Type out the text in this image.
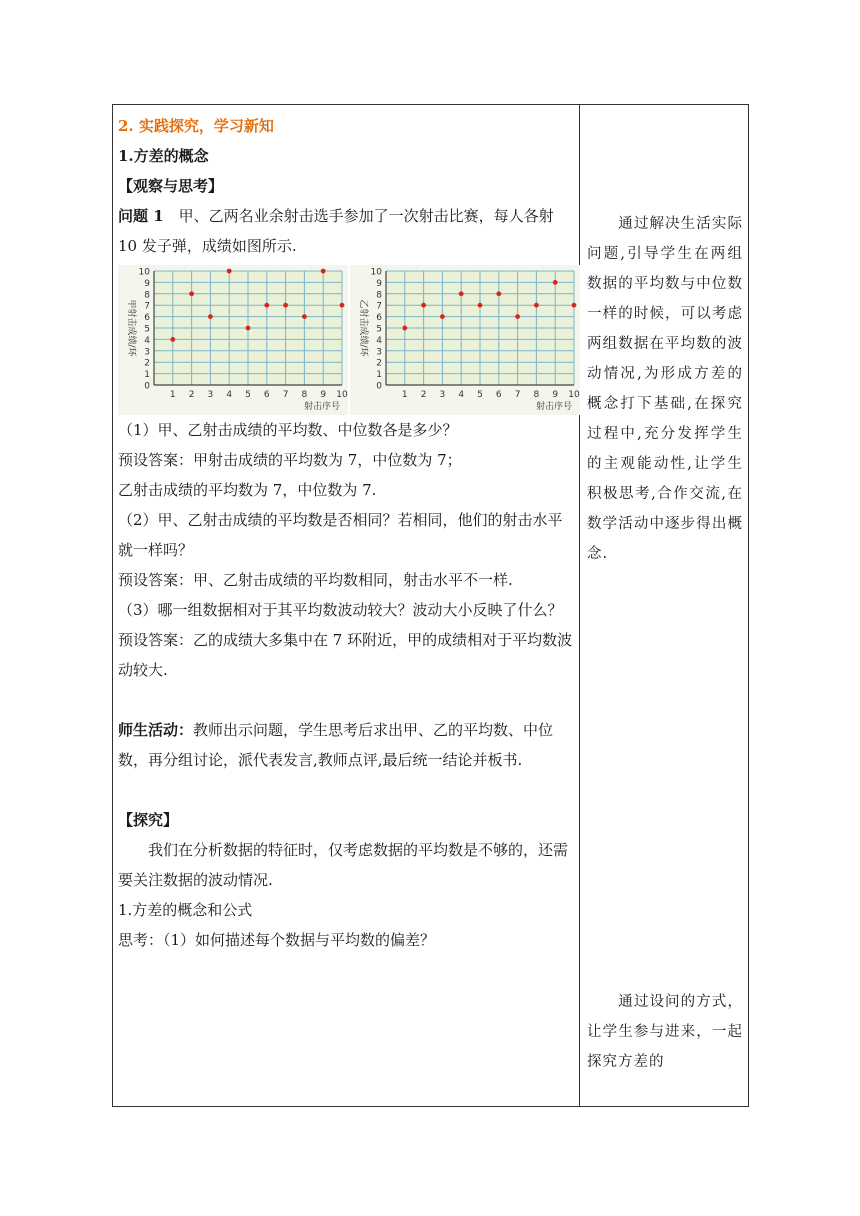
2. 实践探究，学习新知

1.方差的概念

【观察与思考】

问题 1　甲、乙两名业余射击选手参加了一次射击比赛，每人各射 10 发子弹，成绩如图所示.

0
1
2
3
4
5
6
7
8
9
10
1 2 3 4 5 6 7 8 9 10
射击序号
甲射击成绩/环
0
1
2
3
4
5
6
7
8
9
10
1 2 3 4 5 6 7 8 9 10
射击序号
乙射击成绩/环

（1）甲、乙射击成绩的平均数、中位数各是多少？

预设答案：甲射击成绩的平均数为 7，中位数为 7；

乙射击成绩的平均数为 7，中位数为 7.

（2）甲、乙射击成绩的平均数是否相同？若相同，他们的射击水平就一样吗？

预设答案：甲、乙射击成绩的平均数相同，射击水平不一样.

（3）哪一组数据相对于其平均数波动较大？波动大小反映了什么？

预设答案：乙的成绩大多集中在 7 环附近，甲的成绩相对于平均数波动较大.

师生活动：教师出示问题，学生思考后求出甲、乙的平均数、中位数，再分组讨论，派代表发言,教师点评,最后统一结论并板书.

【探究】

我们在分析数据的特征时，仅考虑数据的平均数是不够的，还需要关注数据的波动情况.

1.方差的概念和公式

思考：（1）如何描述每个数据与平均数的偏差？

　　通过解决生活实际问题,引导学生在两组数据的平均数与中位数一样的时候，可以考虑两组数据在平均数的波动情况,为形成方差的概念打下基础,在探究过程中,充分发挥学生的主观能动性,让学生积极思考,合作交流,在数学活动中逐步得出概念.
　　通过设问的方式，让学生参与进来，一起探究方差的
